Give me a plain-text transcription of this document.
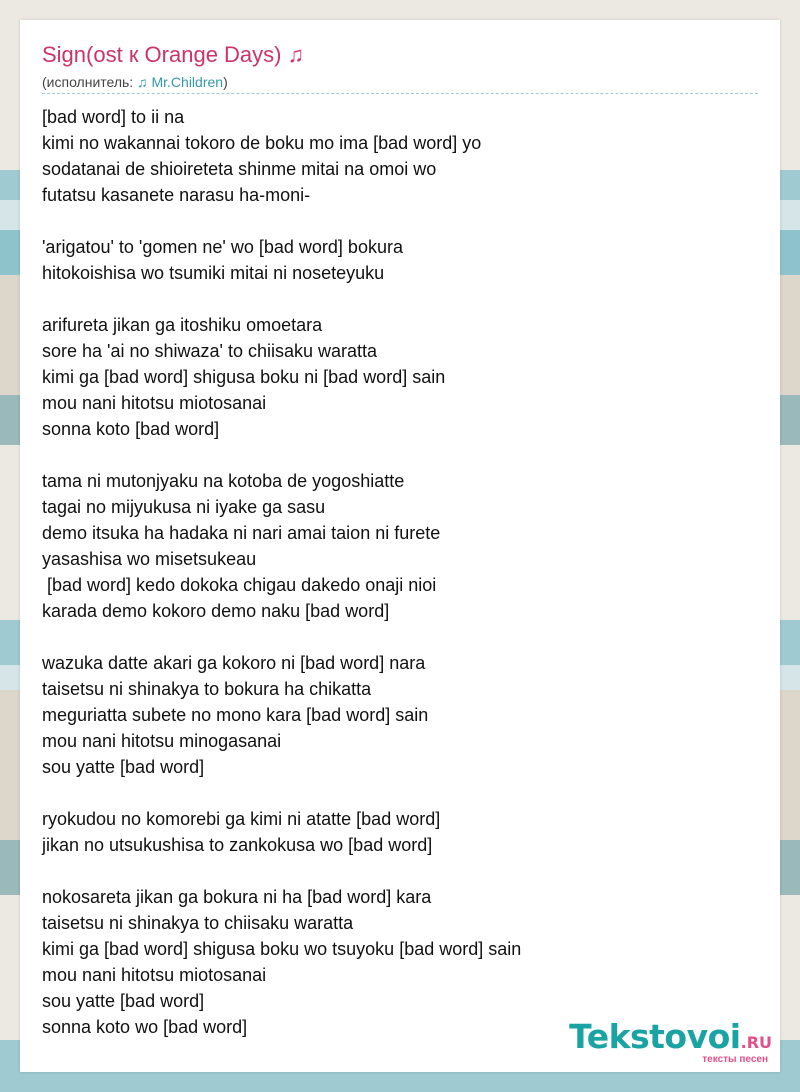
Sign(ost к Orange Days) ♫
(исполнитель: ♫ Mr.Children)
[bad word] to ii na
kimi no wakannai tokoro de boku mo ima [bad word] yo
sodatanai de shioireteta shinme mitai na omoi wo
futatsu kasanete narasu ha-moni-
'arigatou' to 'gomen ne' wo [bad word] bokura
hitokoishisa wo tsumiki mitai ni noseteyuku
arifureta jikan ga itoshiku omoetara
sore ha 'ai no shiwaza' to chiisaku waratta
kimi ga [bad word] shigusa boku ni [bad word] sain
mou nani hitotsu miotosanai
sonna koto [bad word]
tama ni mutonjyaku na kotoba de yogoshiatte
tagai no mijyukusa ni iyake ga sasu
demo itsuka ha hadaka ni nari amai taion ni furete
yasashisa wo misetsukeau
[bad word] kedo dokoka chigau dakedo onaji nioi
karada demo kokoro demo naku [bad word]
wazuka datte akari ga kokoro ni [bad word] nara
taisetsu ni shinakya to bokura ha chikatta
meguriatta subete no mono kara [bad word] sain
mou nani hitotsu minogasanai
sou yatte [bad word]
ryokudou no komorebi ga kimi ni atatte [bad word]
jikan no utsukushisa to zankokusa wo [bad word]
nokosareta jikan ga bokura ni ha [bad word] kara
taisetsu ni shinakya to chiisaku waratta
kimi ga [bad word] shigusa boku wo tsuyoku [bad word] sain
mou nani hitotsu miotosanai
sou yatte [bad word]
sonna koto wo [bad word]	Tekstovoi.RU
тексты песен
